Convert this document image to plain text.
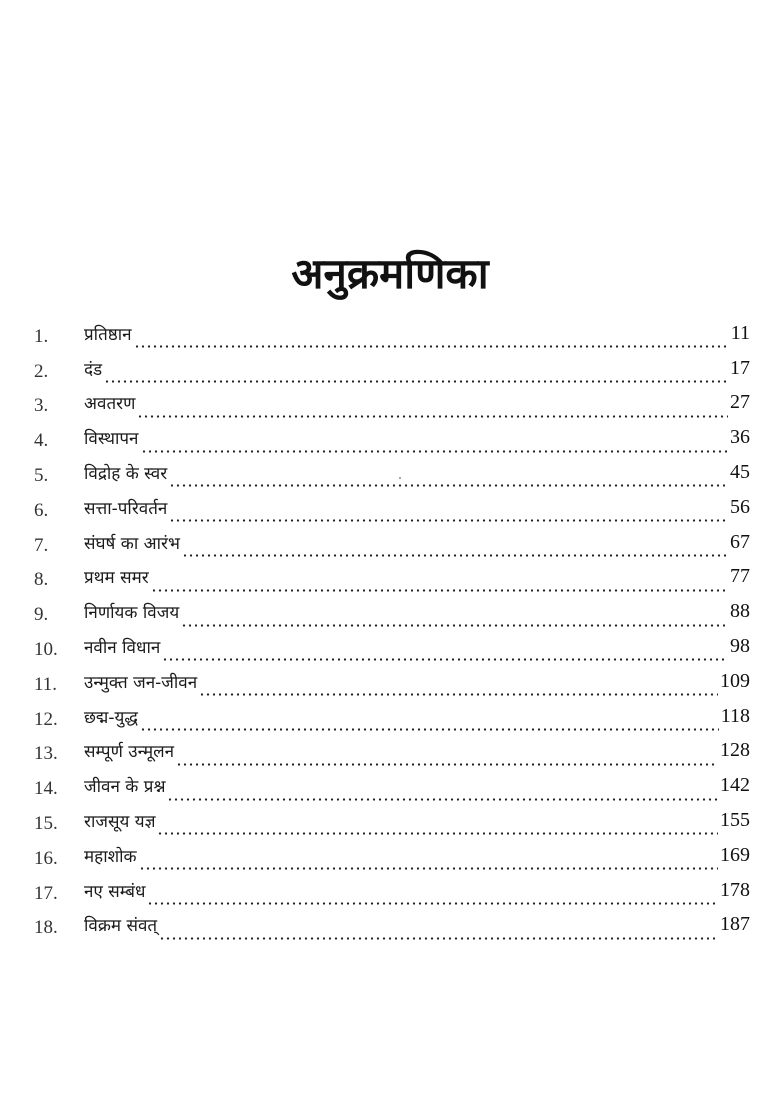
अनुक्रमणिका
1.	प्रतिष्ठान	11
2.	दंड	17
3.	अवतरण	27
4.	विस्थापन	36
5.	विद्रोह के स्वर	45
6.	सत्ता-परिवर्तन	56
7.	संघर्ष का आरंभ	67
8.	प्रथम समर	77
9.	निर्णायक विजय	88
10.	नवीन विधान	98
11.	उन्मुक्त जन-जीवन	109
12.	छद्म-युद्ध	118
13.	सम्पूर्ण उन्मूलन	128
14.	जीवन के प्रश्न	142
15.	राजसूय यज्ञ	155
16.	महाशोक	169
17.	नए सम्बंध	178
18.	विक्रम संवत्	187
